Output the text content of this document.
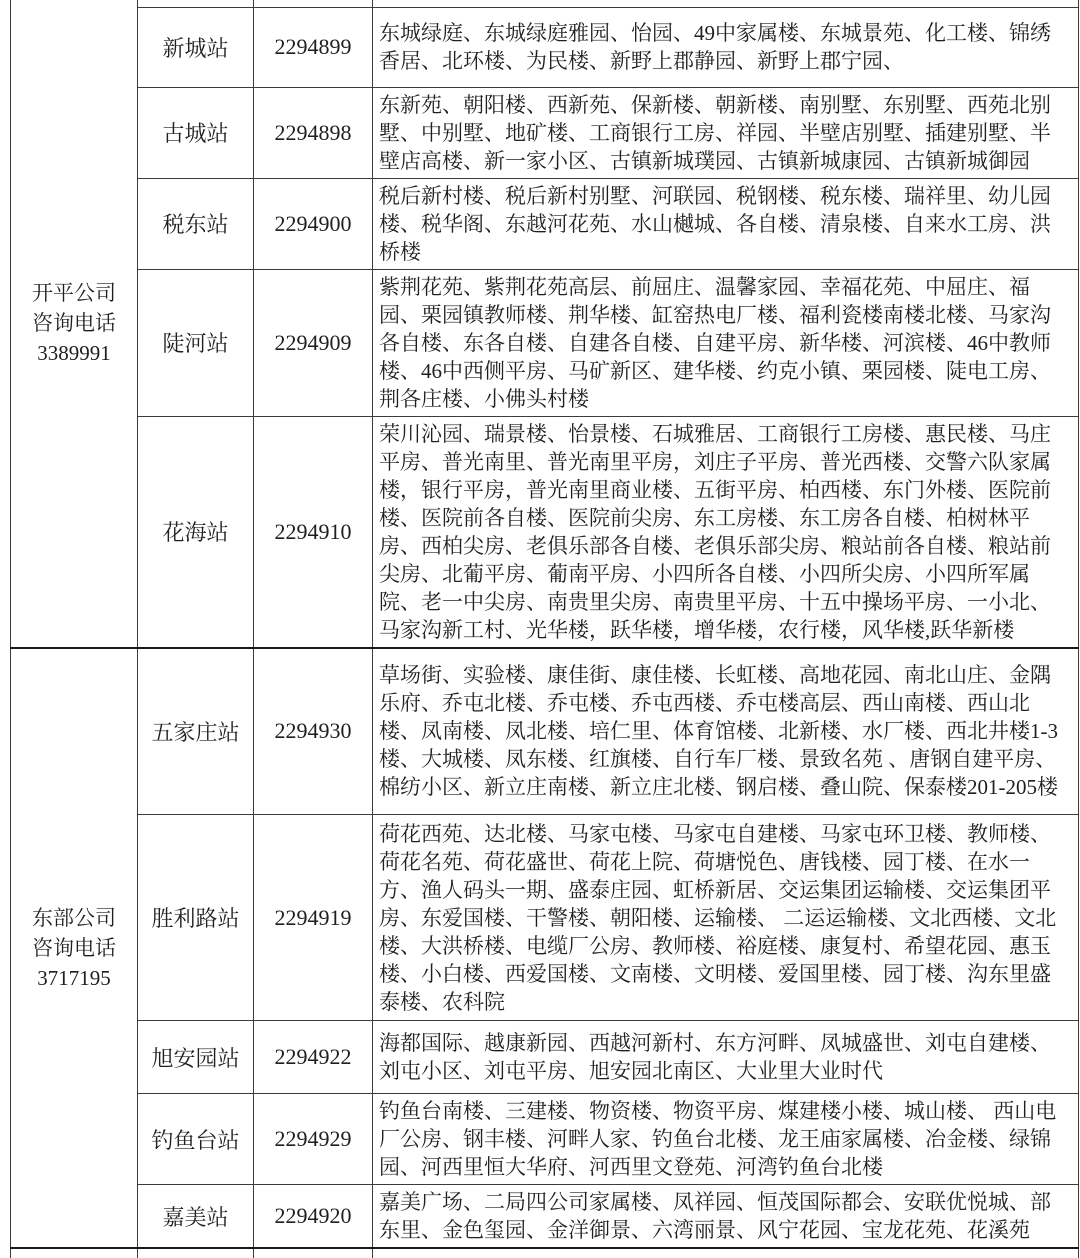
开平公司
咨询电话
3389991			

	新城站	2294899	东城绿庭、东城绿庭雅园、怡园、49中家属楼、东城景苑、化工楼、锦绣香居、北环楼、为民楼、新野上郡静园、新野上郡宁园、
	古城站	2294898	东新苑、朝阳楼、西新苑、保新楼、朝新楼、南别墅、东别墅、西苑北别墅、中别墅、地矿楼、工商银行工房、祥园、半壁店别墅、插建别墅、半壁店高楼、新一家小区、古镇新城璞园、古镇新城康园、古镇新城御园
	税东站	2294900	税后新村楼、税后新村别墅、河联园、税钢楼、税东楼、瑞祥里、幼儿园楼、税华阁、东越河花苑、水山樾城、各自楼、清泉楼、自来水工房、洪桥楼
	陡河站	2294909	紫荆花苑、紫荆花苑高层、前屈庄、温馨家园、幸福花苑、中屈庄、福园、栗园镇教师楼、荆华楼、缸窑热电厂楼、福利瓷楼南楼北楼、马家沟各自楼、东各自楼、自建各自楼、自建平房、新华楼、河滨楼、46中教师楼、46中西侧平房、马矿新区、建华楼、约克小镇、栗园楼、陡电工房、荆各庄楼、小佛头村楼
	花海站	2294910	荣川沁园、瑞景楼、怡景楼、石城雅居、工商银行工房楼、惠民楼、马庄平房、普光南里、普光南里平房，刘庄子平房、普光西楼、交警六队家属楼，银行平房，普光南里商业楼、五街平房、柏西楼、东门外楼、医院前楼、医院前各自楼、医院前尖房、东工房楼、东工房各自楼、柏树林平房、西柏尖房、老俱乐部各自楼、老俱乐部尖房、粮站前各自楼、粮站前尖房、北葡平房、葡南平房、小四所各自楼、小四所尖房、小四所军属院、老一中尖房、南贵里尖房、南贵里平房、十五中操场平房、一小北、马家沟新工村、光华楼，跃华楼，增华楼，农行楼，风华楼,跃华新楼

东部公司
咨询电话
3717195	五家庄站	2294930	草场街、实验楼、康佳街、康佳楼、长虹楼、高地花园、南北山庄、金隅乐府、乔屯北楼、乔屯楼、乔屯西楼、乔屯楼高层、西山南楼、西山北楼、凤南楼、凤北楼、培仁里、体育馆楼、北新楼、水厂楼、西北井楼1-3楼、大城楼、凤东楼、红旗楼、自行车厂楼、景致名苑 、唐钢自建平房、棉纺小区、新立庄南楼、新立庄北楼、钢启楼、叠山院、保泰楼201-205楼
	胜利路站	2294919	荷花西苑、达北楼、马家屯楼、马家屯自建楼、马家屯环卫楼、教师楼、荷花名苑、荷花盛世、荷花上院、荷塘悦色、唐钱楼、园丁楼、在水一方、渔人码头一期、盛泰庄园、虹桥新居、交运集团运输楼、交运集团平房、东爱国楼、干警楼、朝阳楼、运输楼、 二运运输楼、文北西楼、文北楼、大洪桥楼、电缆厂公房、教师楼、裕庭楼、康复村、希望花园、惠玉楼、小白楼、西爱国楼、文南楼、文明楼、爱国里楼、园丁楼、沟东里盛泰楼、农科院
	旭安园站	2294922	海都国际、越康新园、西越河新村、东方河畔、凤城盛世、刘屯自建楼、刘屯小区、刘屯平房、旭安园北南区、大业里大业时代
	钓鱼台站	2294929	钓鱼台南楼、三建楼、物资楼、物资平房、煤建楼小楼、城山楼、 西山电厂公房、钢丰楼、河畔人家、钓鱼台北楼、龙王庙家属楼、冶金楼、绿锦园、河西里恒大华府、河西里文登苑、河湾钓鱼台北楼
	嘉美站	2294920	嘉美广场、二局四公司家属楼、凤祥园、恒茂国际都会、安联优悦城、部东里、金色玺园、金洋御景、六湾丽景、风宁花园、宝龙花苑、花溪苑
